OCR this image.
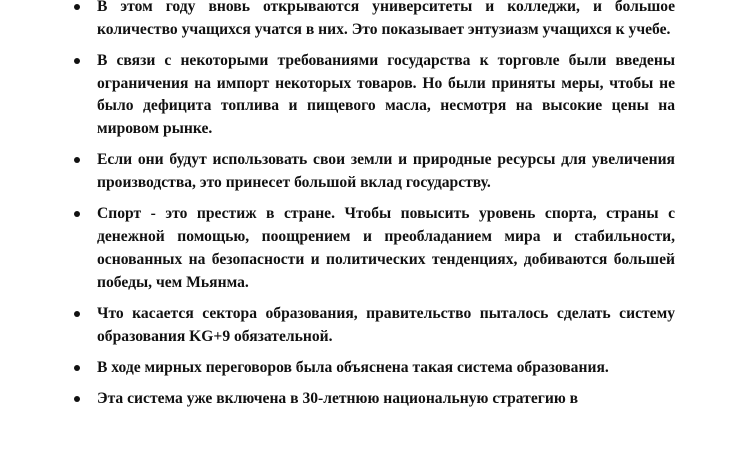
В этом году вновь открываются университеты и колледжи, и большое количество учащихся учатся в них. Это показывает энтузиазм учащихся к учебе.
В связи с некоторыми требованиями государства к торговле были введены ограничения на импорт некоторых товаров. Но были приняты меры, чтобы не было дефицита топлива и пищевого масла, несмотря на высокие цены на мировом рынке.
Если они будут использовать свои земли и природные ресурсы для увеличения производства, это принесет большой вклад государству.
Спорт - это престиж в стране. Чтобы повысить уровень спорта, страны с денежной помощью, поощрением и преобладанием мира и стабильности, основанных на безопасности и политических тенденциях, добиваются большей победы, чем Мьянма.
Что касается сектора образования, правительство пыталось сделать систему образования KG+9 обязательной.
В ходе мирных переговоров была объяснена такая система образования.
Эта система уже включена в 30-летнюю национальную стратегию в
